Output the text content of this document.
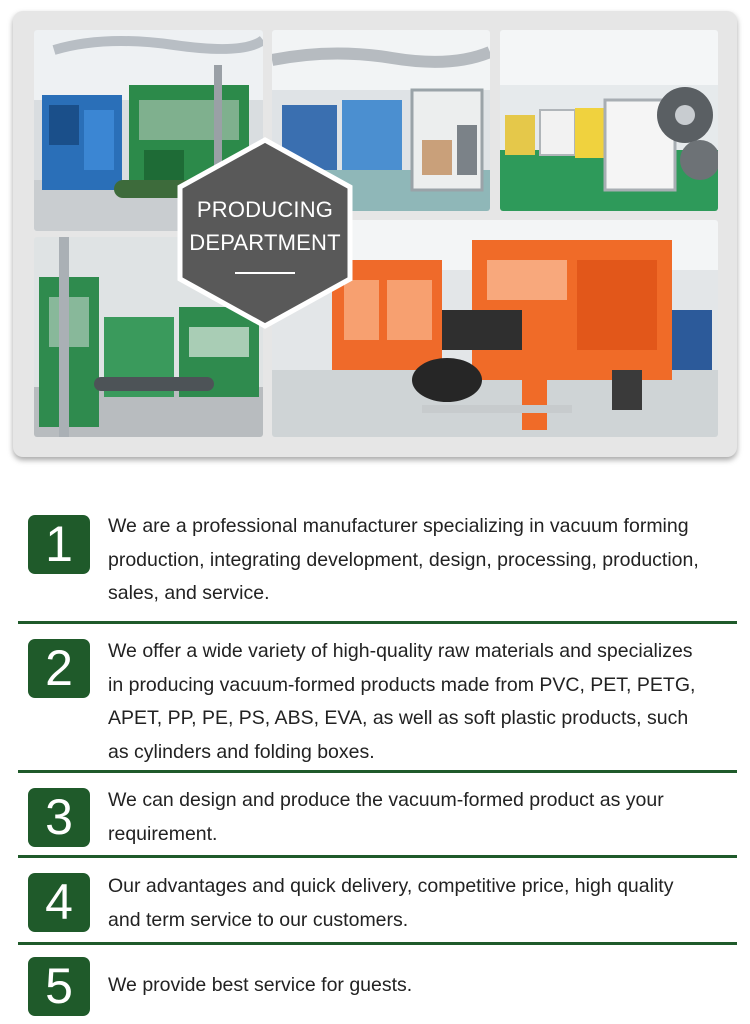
PRODUCING
DEPARTMENT
1	We are a professional manufacturer specializing in vacuum forming production, integrating development, design, processing, production, sales, and service.
2	We offer a wide variety of high-quality raw materials and specializes in producing vacuum-formed products made from PVC, PET, PETG, APET, PP, PE, PS, ABS, EVA, as well as soft plastic products, such as cylinders and folding boxes.
3	We can design and produce the vacuum-formed product as your requirement.
4	Our advantages and quick delivery, competitive price, high quality and term service to our customers.
5	We provide best service for guests.
